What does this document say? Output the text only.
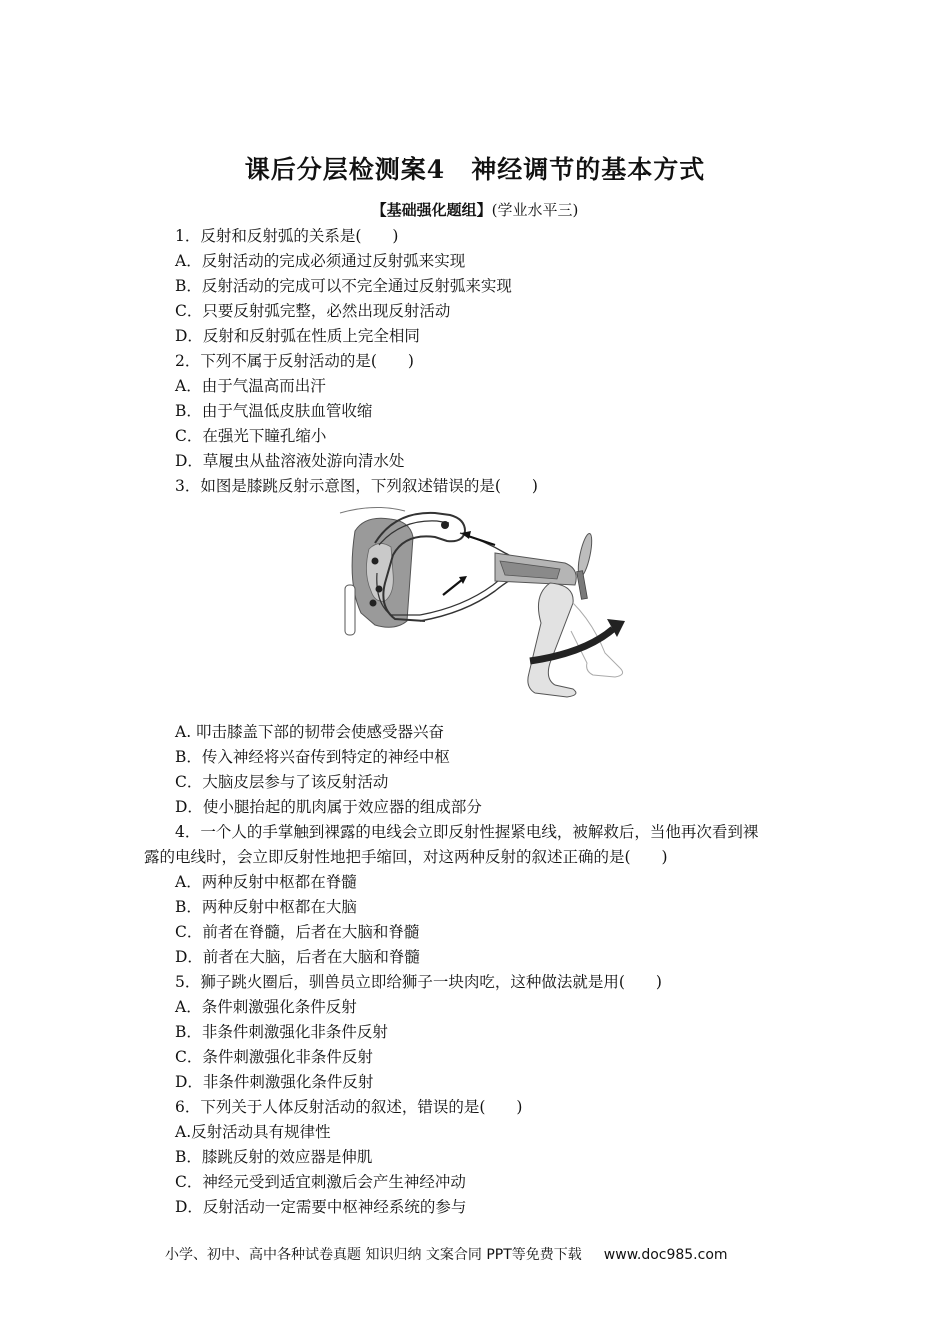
课后分层检测案4　神经调节的基本方式
【基础强化题组】(学业水平三)
1．反射和反射弧的关系是(　　)
A．反射活动的完成必须通过反射弧来实现
B．反射活动的完成可以不完全通过反射弧来实现
C．只要反射弧完整，必然出现反射活动
D．反射和反射弧在性质上完全相同
2．下列不属于反射活动的是(　　)
A．由于气温高而出汗
B．由于气温低皮肤血管收缩
C．在强光下瞳孔缩小
D．草履虫从盐溶液处游向清水处
3．如图是膝跳反射示意图，下列叙述错误的是(　　)
A. 叩击膝盖下部的韧带会使感受器兴奋
B．传入神经将兴奋传到特定的神经中枢
C．大脑皮层参与了该反射活动
D．使小腿抬起的肌肉属于效应器的组成部分
4．一个人的手掌触到裸露的电线会立即反射性握紧电线，被解救后，当他再次看到裸
露的电线时，会立即反射性地把手缩回，对这两种反射的叙述正确的是(　　)
A．两种反射中枢都在脊髓
B．两种反射中枢都在大脑
C．前者在脊髓，后者在大脑和脊髓
D．前者在大脑，后者在大脑和脊髓
5．狮子跳火圈后，驯兽员立即给狮子一块肉吃，这种做法就是用(　　)
A．条件刺激强化条件反射
B．非条件刺激强化非条件反射
C．条件刺激强化非条件反射
D．非条件刺激强化条件反射
6．下列关于人体反射活动的叙述，错误的是(　　)
A.反射活动具有规律性
B．膝跳反射的效应器是伸肌
C．神经元受到适宜刺激后会产生神经冲动
D．反射活动一定需要中枢神经系统的参与
小学、初中、高中各种试卷真题 知识归纳 文案合同 PPT等免费下载 www.doc985.com
